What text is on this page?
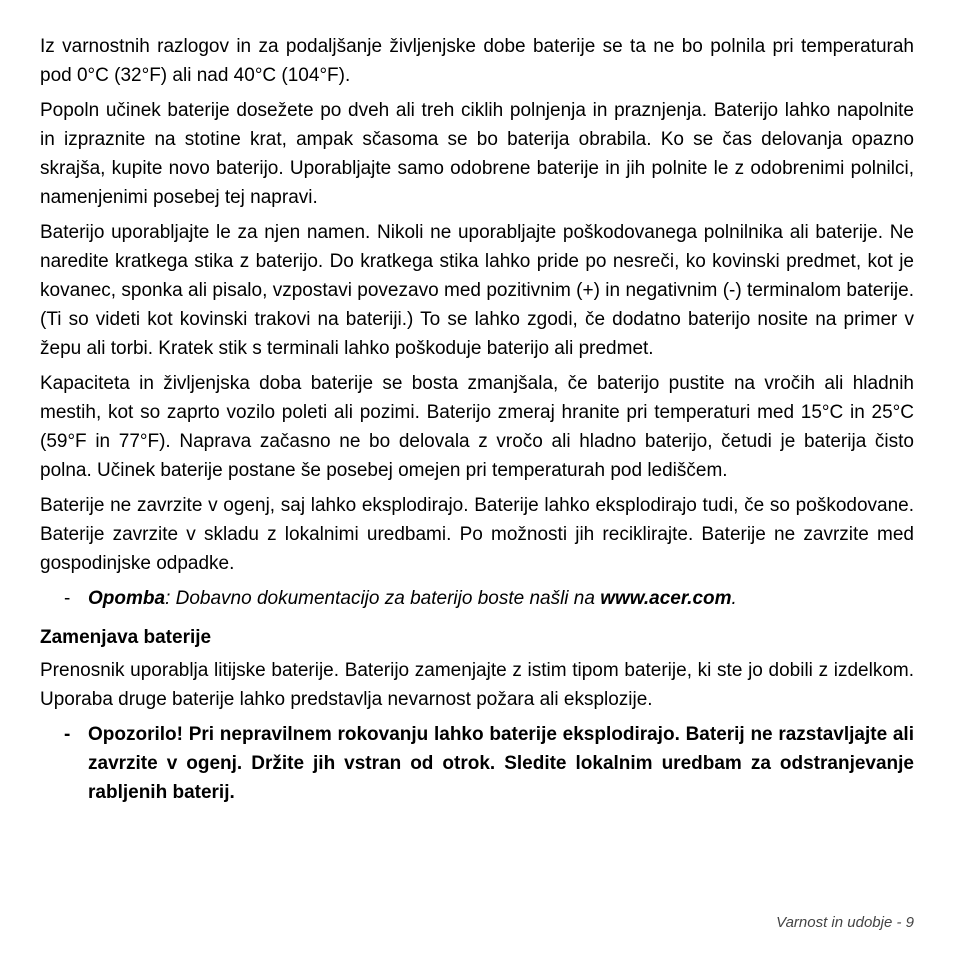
Iz varnostnih razlogov in za podaljšanje življenjske dobe baterije se ta ne bo polnila pri temperaturah pod 0°C (32°F) ali nad 40°C (104°F).

Popoln učinek baterije dosežete po dveh ali treh ciklih polnjenja in praznjenja. Baterijo lahko napolnite in izpraznite na stotine krat, ampak sčasoma se bo baterija obrabila. Ko se čas delovanja opazno skrajša, kupite novo baterijo. Uporabljajte samo odobrene baterije in jih polnite le z odobrenimi polnilci, namenjenimi posebej tej napravi.

Baterijo uporabljajte le za njen namen. Nikoli ne uporabljajte poškodovanega polnilnika ali baterije. Ne naredite kratkega stika z baterijo. Do kratkega stika lahko pride po nesreči, ko kovinski predmet, kot je kovanec, sponka ali pisalo, vzpostavi povezavo med pozitivnim (+) in negativnim (-) terminalom baterije. (Ti so videti kot kovinski trakovi na bateriji.) To se lahko zgodi, če dodatno baterijo nosite na primer v žepu ali torbi. Kratek stik s terminali lahko poškoduje baterijo ali predmet.

Kapaciteta in življenjska doba baterije se bosta zmanjšala, če baterijo pustite na vročih ali hladnih mestih, kot so zaprto vozilo poleti ali pozimi. Baterijo zmeraj hranite pri temperaturi med 15°C in 25°C (59°F in 77°F). Naprava začasno ne bo delovala z vročo ali hladno baterijo, četudi je baterija čisto polna. Učinek baterije postane še posebej omejen pri temperaturah pod lediščem.

Baterije ne zavrzite v ogenj, saj lahko eksplodirajo. Baterije lahko eksplodirajo tudi, če so poškodovane. Baterije zavrzite v skladu z lokalnimi uredbami. Po možnosti jih reciklirajte. Baterije ne zavrzite med gospodinjske odpadke.

- Opomba: Dobavno dokumentacijo za baterijo boste našli na www.acer.com.
Zamenjava baterije

Prenosnik uporablja litijske baterije. Baterijo zamenjajte z istim tipom baterije, ki ste jo dobili z izdelkom. Uporaba druge baterije lahko predstavlja nevarnost požara ali eksplozije.

- Opozorilo! Pri nepravilnem rokovanju lahko baterije eksplodirajo. Baterij ne razstavljajte ali zavrzite v ogenj. Držite jih vstran od otrok. Sledite lokalnim uredbam za odstranjevanje rabljenih baterij.
Varnost in udobje - 9
